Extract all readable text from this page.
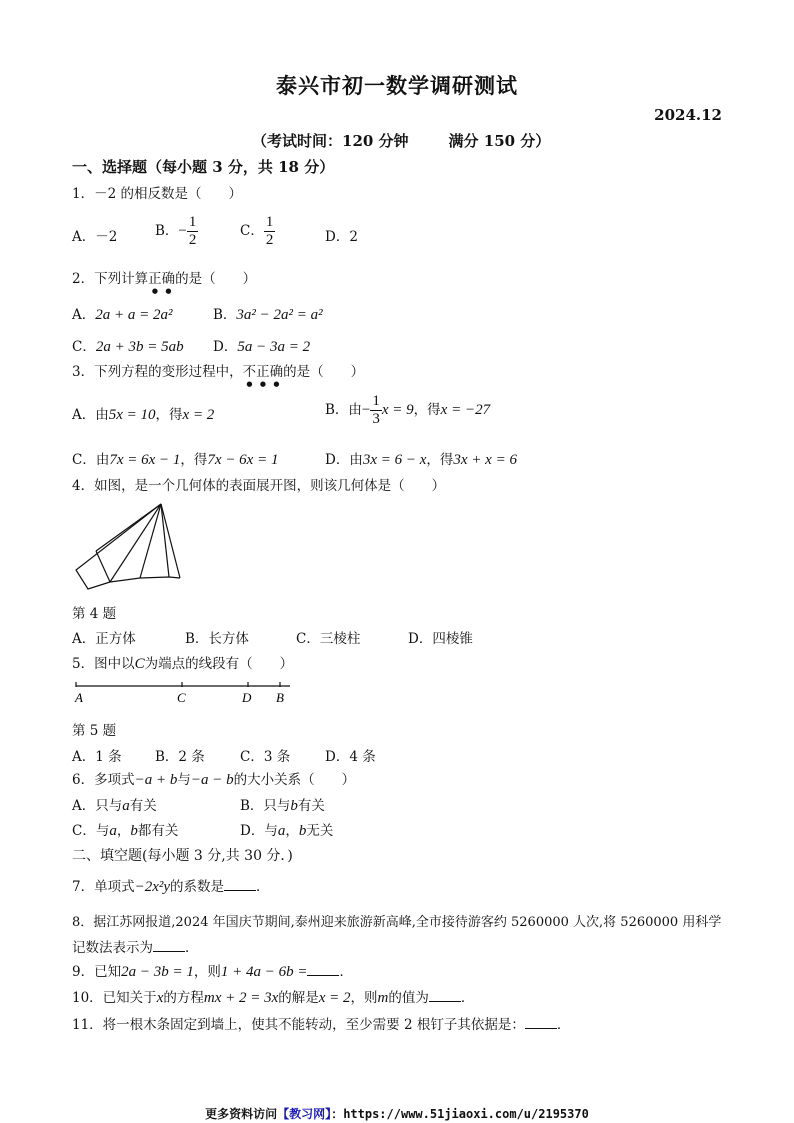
泰兴市初一数学调研测试
2024.12
（考试时间：120 分钟	满分 150 分）
一、选择题（每小题 3 分，共 18 分）
1．－2 的相反数是（　　）
A．－2	B．− $\frac{1}{2}$	C． $\frac{1}{2}$	D．2
2．下列计算正确的是（　　）
A．2a + a = 2a²	B．3a² − 2a² = a²
C．2a + 3b = 5ab D．5a − 3a = 2
3．下列方程的变形过程中，不正确的是（　　）
A．由5x = 10，得x = 2	B．由− $\frac{1}{3}$ x = 9，得x = −27
C．由7x = 6x − 1，得7x − 6x = 1	D．由3x = 6 − x，得3x + x = 6
4．如图，是一个几何体的表面展开图，则该几何体是（　　）
第 4 题
A．正方体	B．长方体	C．三棱柱	D．四棱锥
5．图中以C为端点的线段有（　　）
A	C	D B
第 5 题
A．1 条 B．2 条	C．3 条	D．4 条
6．多项式−a + b与−a − b的大小关系（　　）
A．只与a有关	B．只与b有关
C．与a，b都有关	D．与a，b无关
二、填空题(每小题 3 分,共 30 分．)
7．单项式−2x²y的系数是 ．
8．据江苏网报道,2024 年国庆节期间,泰州迎来旅游新高峰,全市接待游客约 5260000 人次,将 5260000 用科学
记数法表示为 ．
9．已知2a − 3b = 1，则1 + 4a − 6b = ．
10．已知关于x的方程mx + 2 = 3x的解是x = 2，则m的值为 ．
11．将一根木条固定到墙上，使其不能转动，至少需要 2 根钉子其依据是： ．
更多资料访问【教习网】：https://www.51jiaoxi.com/u/2195370
